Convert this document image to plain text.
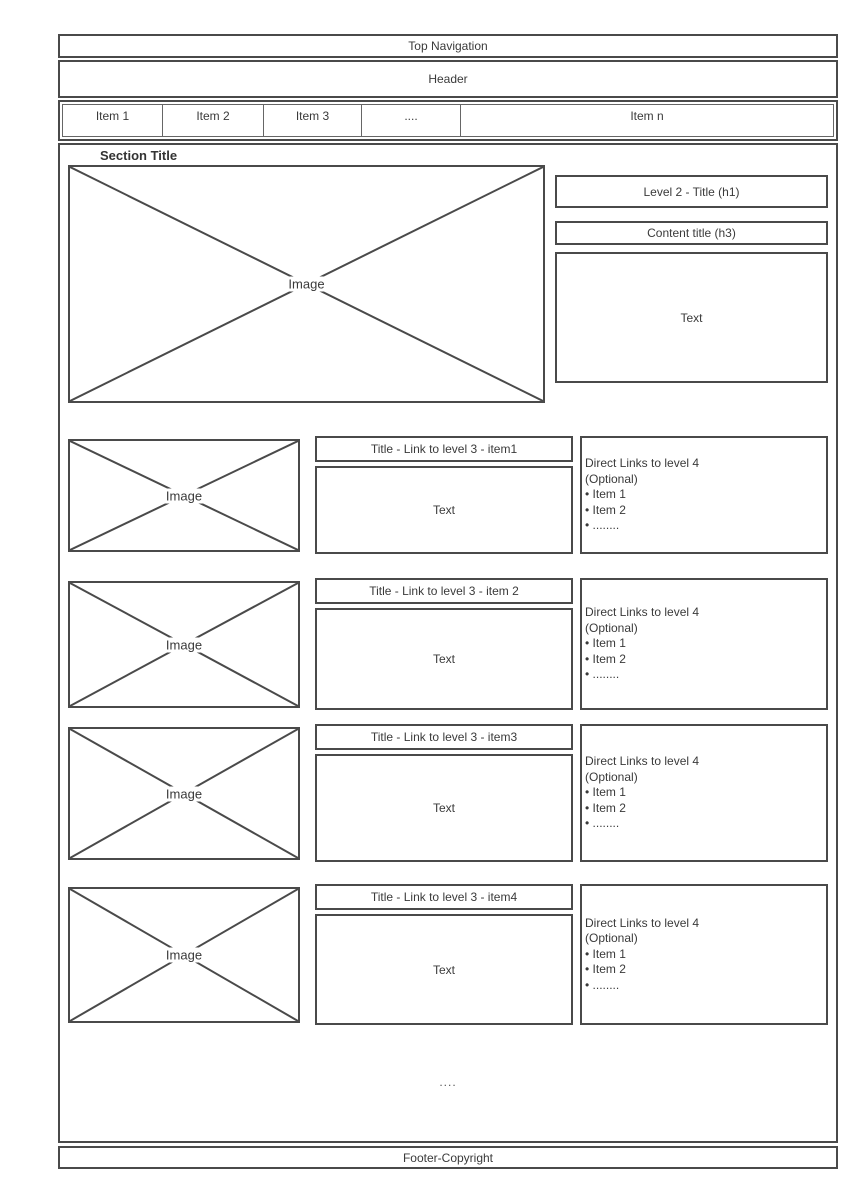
Top Navigation
Header
Item 1	Item 2	Item 3	....	Item n
Section Title
Image
Level 2 - Title (h1)
Content title (h3)
Text
Image
Title - Link to level 3 - item1
Text
Direct Links to level 4
(Optional)
• Item 1
• Item 2
• ........
Image
Title - Link to level 3 - item 2
Text
Direct Links to level 4
(Optional)
• Item 1
• Item 2
• ........
Image
Title - Link to level 3 - item3
Text
Direct Links to level 4
(Optional)
• Item 1
• Item 2
• ........
Image
Title - Link to level 3 - item4
Text
Direct Links to level 4
(Optional)
• Item 1
• Item 2
• ........
....
Footer-Copyright
